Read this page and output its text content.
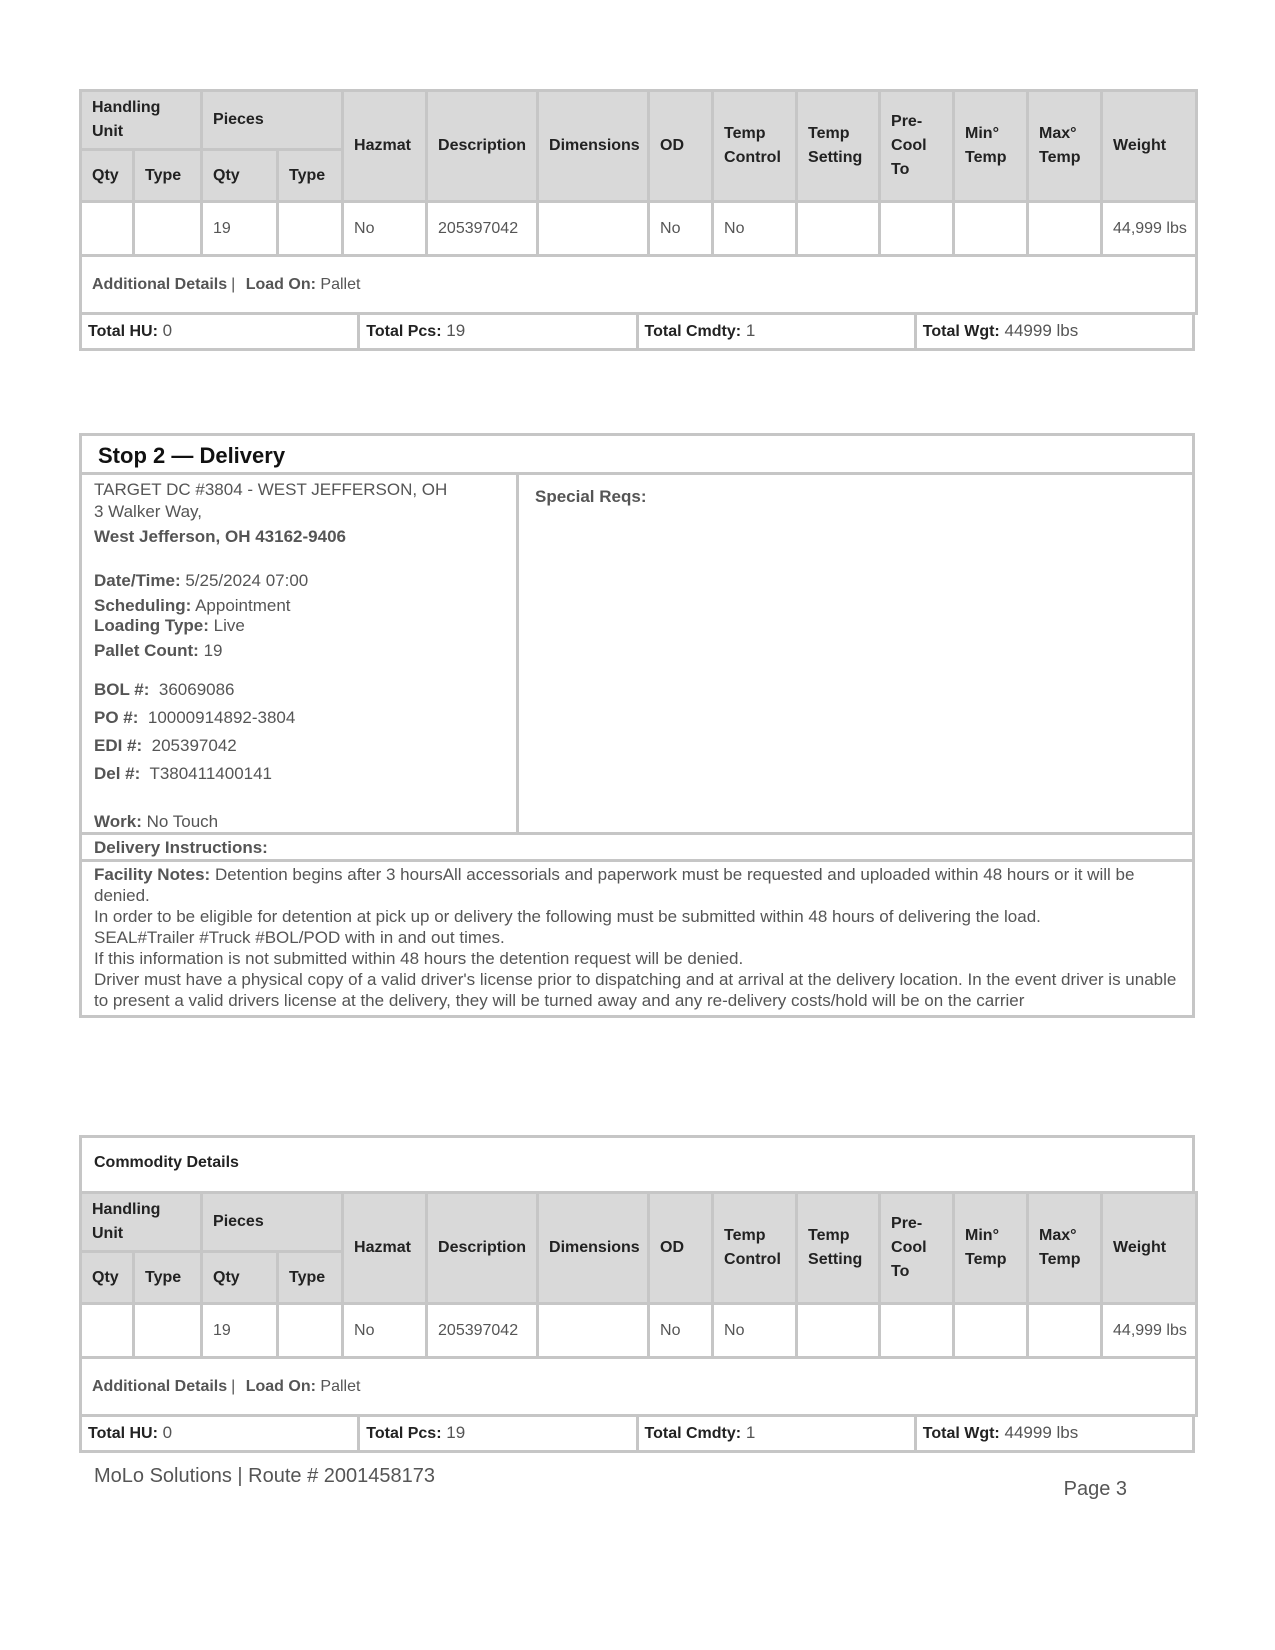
Handling Unit		Pieces		Hazmat	Description	Dimensions	OD	Temp Control	Temp Setting	Pre-Cool To	Min° Temp	Max° Temp	Weight
Qty	Type	Qty	Type										
		19		No	205397042		No	No					44,999 lbs
Additional Details | Load On: Pallet													
Total HU: 0	Total Pcs: 19	Total Cmdty: 1	Total Wgt: 44999 lbs
Stop 2 — Delivery
TARGET DC #3804 - WEST JEFFERSON, OH
3 Walker Way,
West Jefferson, OH 43162-9406
Date/Time: 5/25/2024 07:00
Scheduling: Appointment
Loading Type: Live
Pallet Count: 19
BOL #: 36069086
PO #: 10000914892-3804
EDI #: 205397042
Del #: T380411400141
Work: No Touch
Special Reqs:
Delivery Instructions:
Facility Notes: Detention begins after 3 hoursAll accessorials and paperwork must be requested and uploaded within 48 hours or it will be denied.
In order to be eligible for detention at pick up or delivery the following must be submitted within 48 hours of delivering the load.
SEAL#Trailer #Truck #BOL/POD with in and out times.
If this information is not submitted within 48 hours the detention request will be denied.
Driver must have a physical copy of a valid driver's license prior to dispatching and at arrival at the delivery location. In the event driver is unable to present a valid drivers license at the delivery, they will be turned away and any re-delivery costs/hold will be on the carrier
Commodity Details
Handling Unit		Pieces		Hazmat	Description	Dimensions	OD	Temp Control	Temp Setting	Pre-Cool To	Min° Temp	Max° Temp	Weight
Qty	Type	Qty	Type										
		19		No	205397042		No	No					44,999 lbs
Additional Details | Load On: Pallet													
Total HU: 0	Total Pcs: 19	Total Cmdty: 1	Total Wgt: 44999 lbs
MoLo Solutions | Route # 2001458173
Page 3
